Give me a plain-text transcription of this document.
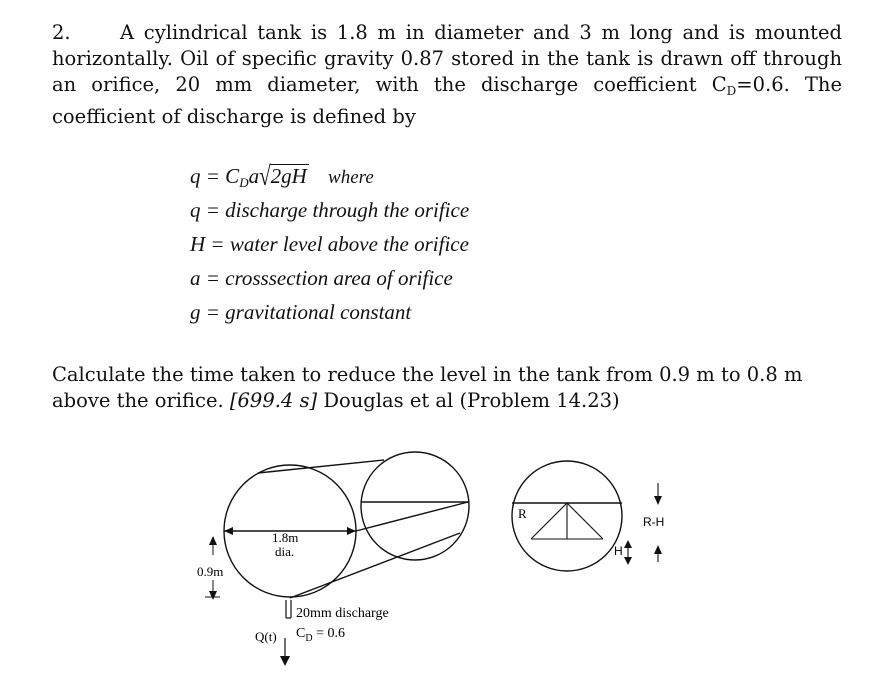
2.	A cylindrical tank is 1.8 m in diameter and 3 m long and is mounted horizontally. Oil of specific gravity 0.87 stored in the tank is drawn off through an orifice, 20 mm diameter, with the discharge coefficient $C_D=0.6$. The coefficient of discharge is defined by
$q = C_Da√2gH$ where
q = discharge through the orifice
H = water level above the orifice
a = crosssection area of orifice
g = gravitational constant
Calculate the time taken to reduce the level in the tank from 0.9 m to 0.8 m above the orifice. [699.4 s] Douglas et al (Problem 14.23)
1.8m
dia.
0.9m
20mm discharge
$C_D = 0.6$
Q(t)
R
R-H
H
